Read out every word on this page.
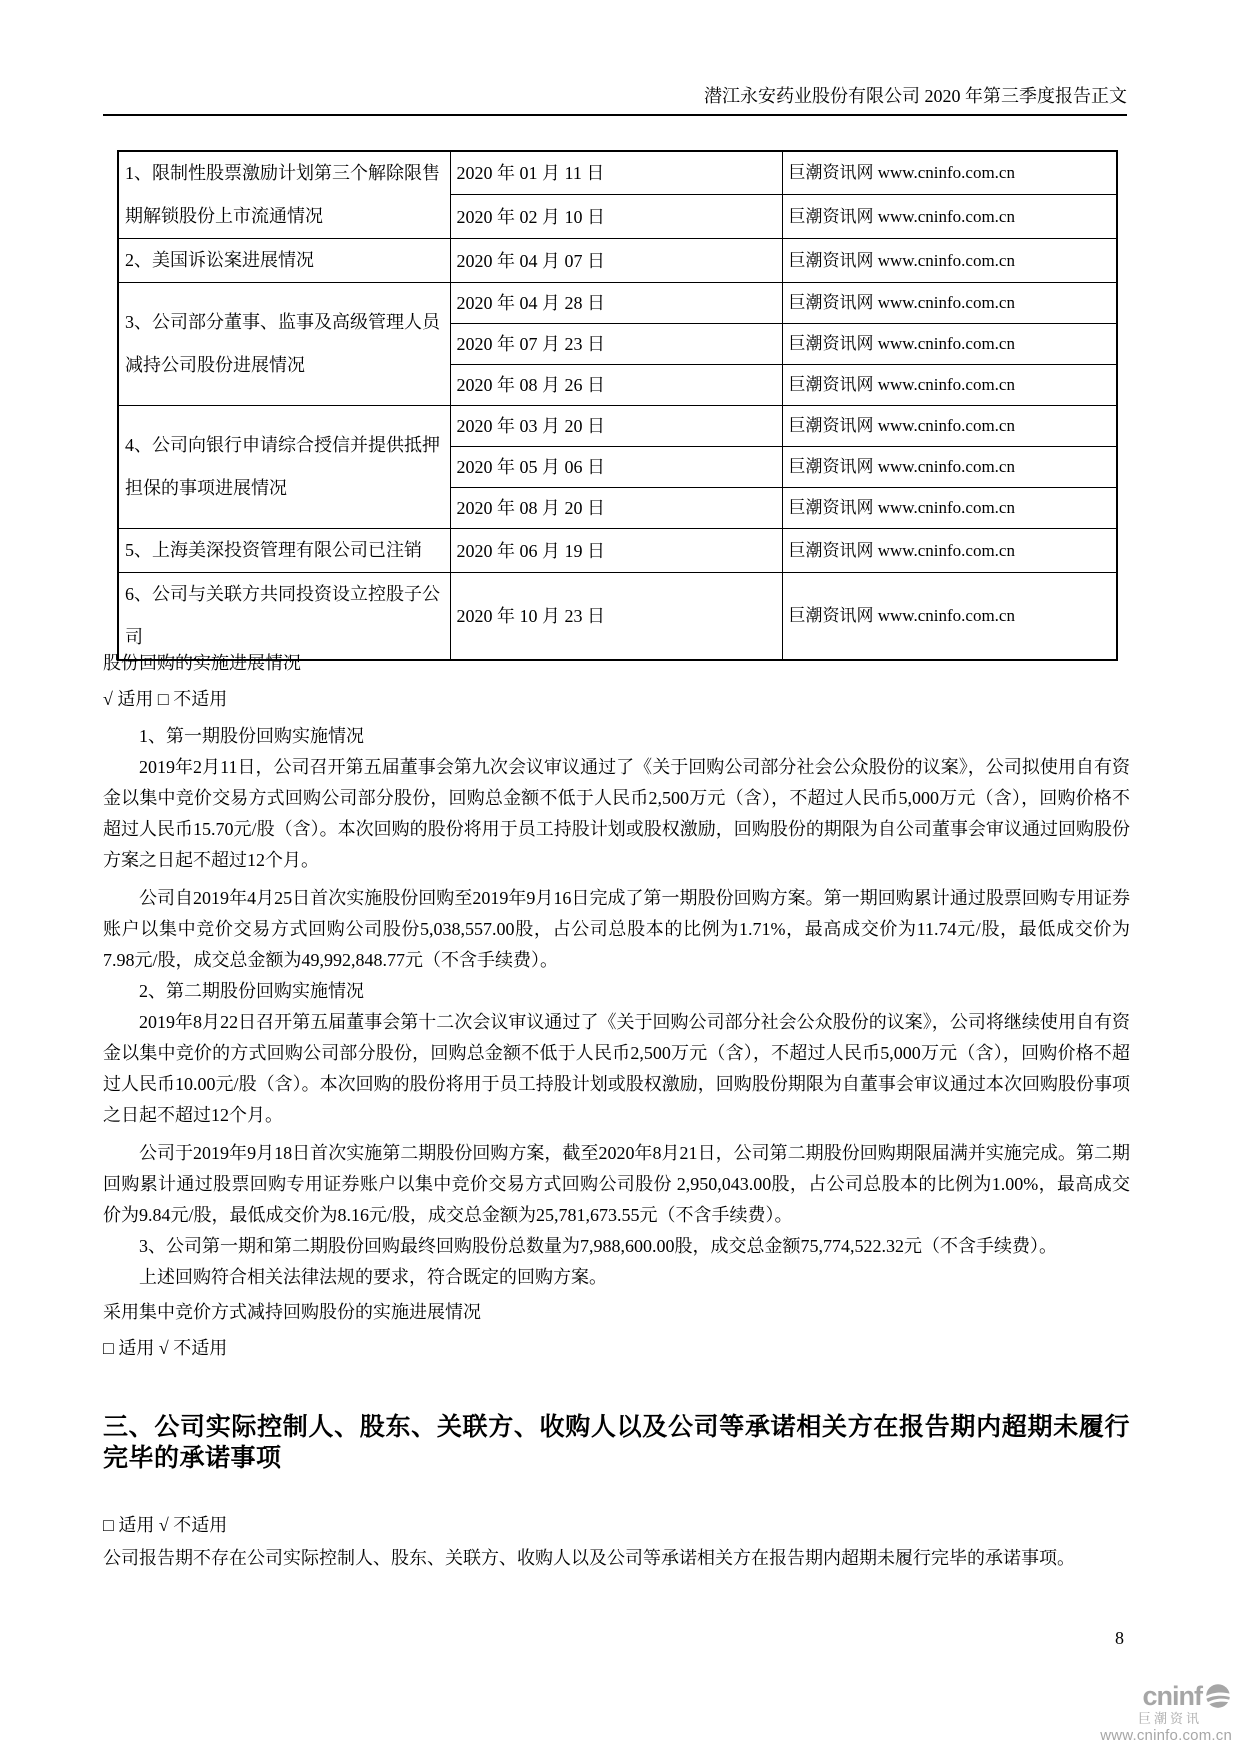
潜江永安药业股份有限公司 2020 年第三季度报告正文
1、限制性股票激励计划第三个解除限售期解锁股份上市流通情况	2020 年 01 月 11 日	巨潮资讯网 www.cninfo.com.cn
	2020 年 02 月 10 日	巨潮资讯网 www.cninfo.com.cn
2、美国诉讼案进展情况	2020 年 04 月 07 日	巨潮资讯网 www.cninfo.com.cn
3、公司部分董事、监事及高级管理人员减持公司股份进展情况	2020 年 04 月 28 日	巨潮资讯网 www.cninfo.com.cn
	2020 年 07 月 23 日	巨潮资讯网 www.cninfo.com.cn
	2020 年 08 月 26 日	巨潮资讯网 www.cninfo.com.cn
4、公司向银行申请综合授信并提供抵押担保的事项进展情况	2020 年 03 月 20 日	巨潮资讯网 www.cninfo.com.cn
	2020 年 05 月 06 日	巨潮资讯网 www.cninfo.com.cn
	2020 年 08 月 20 日	巨潮资讯网 www.cninfo.com.cn
5、上海美深投资管理有限公司已注销	2020 年 06 月 19 日	巨潮资讯网 www.cninfo.com.cn
6、公司与关联方共同投资设立控股子公司	2020 年 10 月 23 日	巨潮资讯网 www.cninfo.com.cn
股份回购的实施进展情况
√ 适用 □ 不适用
1、第一期股份回购实施情况

2019年2月11日，公司召开第五届董事会第九次会议审议通过了《关于回购公司部分社会公众股份的议案》，公司拟使用自有资金以集中竞价交易方式回购公司部分股份，回购总金额不低于人民币2,500万元（含），不超过人民币5,000万元（含），回购价格不超过人民币15.70元/股（含）。本次回购的股份将用于员工持股计划或股权激励，回购股份的期限为自公司董事会审议通过回购股份方案之日起不超过12个月。

公司自2019年4月25日首次实施股份回购至2019年9月16日完成了第一期股份回购方案。第一期回购累计通过股票回购专用证券账户以集中竞价交易方式回购公司股份5,038,557.00股，占公司总股本的比例为1.71%，最高成交价为11.74元/股，最低成交价为7.98元/股，成交总金额为49,992,848.77元（不含手续费）。

2、第二期股份回购实施情况

2019年8月22日召开第五届董事会第十二次会议审议通过了《关于回购公司部分社会公众股份的议案》，公司将继续使用自有资金以集中竞价的方式回购公司部分股份，回购总金额不低于人民币2,500万元（含），不超过人民币5,000万元（含），回购价格不超过人民币10.00元/股（含）。本次回购的股份将用于员工持股计划或股权激励，回购股份期限为自董事会审议通过本次回购股份事项之日起不超过12个月。

公司于2019年9月18日首次实施第二期股份回购方案，截至2020年8月21日，公司第二期股份回购期限届满并实施完成。第二期回购累计通过股票回购专用证券账户以集中竞价交易方式回购公司股份 2,950,043.00股，占公司总股本的比例为1.00%，最高成交价为9.84元/股，最低成交价为8.16元/股，成交总金额为25,781,673.55元（不含手续费）。

3、公司第一期和第二期股份回购最终回购股份总数量为7,988,600.00股，成交总金额75,774,522.32元（不含手续费）。

上述回购符合相关法律法规的要求，符合既定的回购方案。

采用集中竞价方式减持回购股份的实施进展情况
□ 适用 √ 不适用
三、公司实际控制人、股东、关联方、收购人以及公司等承诺相关方在报告期内超期未履行完毕的承诺事项
□ 适用 √ 不适用
公司报告期不存在公司实际控制人、股东、关联方、收购人以及公司等承诺相关方在报告期内超期未履行完毕的承诺事项。
8
cninf
巨潮资讯
www.cninfo.com.cn
